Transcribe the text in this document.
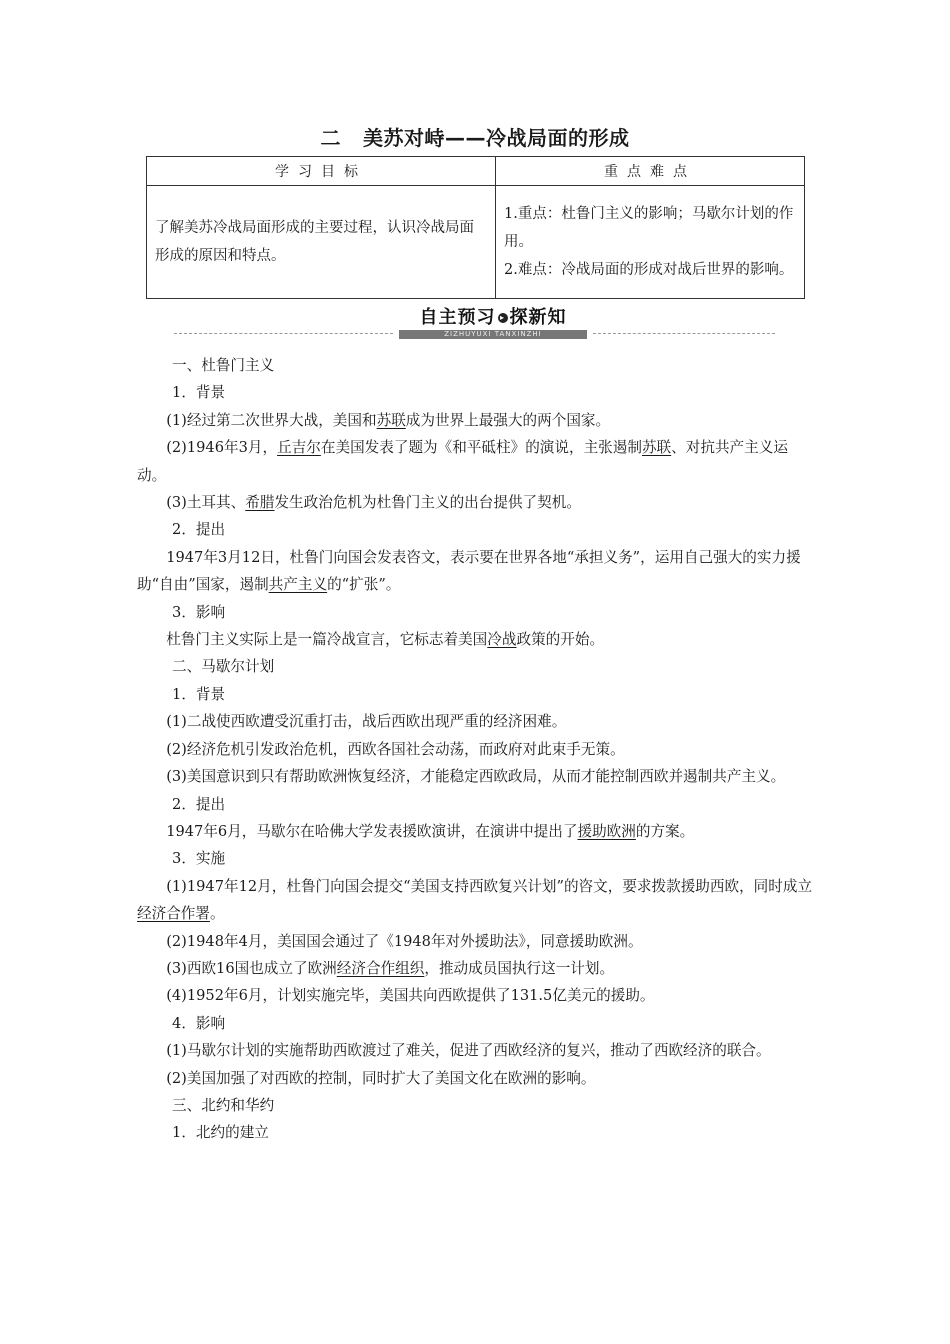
二 美苏对峙——冷战局面的形成
学习目标	重点难点
了解美苏冷战局面形成的主要过程，认识冷战局面形成的原因和特点。	1.重点：杜鲁门主义的影响；马歇尔计划的作用。
2.难点：冷战局面的形成对战后世界的影响。
自主预习 ▸ 探新知
ZIZHUYUXI TANXINZHI

一、杜鲁门主义

1．背景

(1)经过第二次世界大战，美国和苏联成为世界上最强大的两个国家。

(2)1946年3月，丘吉尔在美国发表了题为《和平砥柱》的演说，主张遏制苏联、对抗共产主义运动。

(3)土耳其、希腊发生政治危机为杜鲁门主义的出台提供了契机。

2．提出

1947年3月12日，杜鲁门向国会发表咨文，表示要在世界各地“承担义务”，运用自己强大的实力援助“自由”国家，遏制共产主义的“扩张”。

3．影响

杜鲁门主义实际上是一篇冷战宣言，它标志着美国冷战政策的开始。

二、马歇尔计划

1．背景

(1)二战使西欧遭受沉重打击，战后西欧出现严重的经济困难。

(2)经济危机引发政治危机，西欧各国社会动荡，而政府对此束手无策。

(3)美国意识到只有帮助欧洲恢复经济，才能稳定西欧政局，从而才能控制西欧并遏制共产主义。

2．提出

1947年6月，马歇尔在哈佛大学发表援欧演讲，在演讲中提出了援助欧洲的方案。

3．实施

(1)1947年12月，杜鲁门向国会提交“美国支持西欧复兴计划”的咨文，要求拨款援助西欧，同时成立经济合作署。

(2)1948年4月，美国国会通过了《1948年对外援助法》，同意援助欧洲。

(3)西欧16国也成立了欧洲经济合作组织，推动成员国执行这一计划。

(4)1952年6月，计划实施完毕，美国共向西欧提供了131.5亿美元的援助。

4．影响

(1)马歇尔计划的实施帮助西欧渡过了难关，促进了西欧经济的复兴，推动了西欧经济的联合。

(2)美国加强了对西欧的控制，同时扩大了美国文化在欧洲的影响。

三、北约和华约

1．北约的建立
